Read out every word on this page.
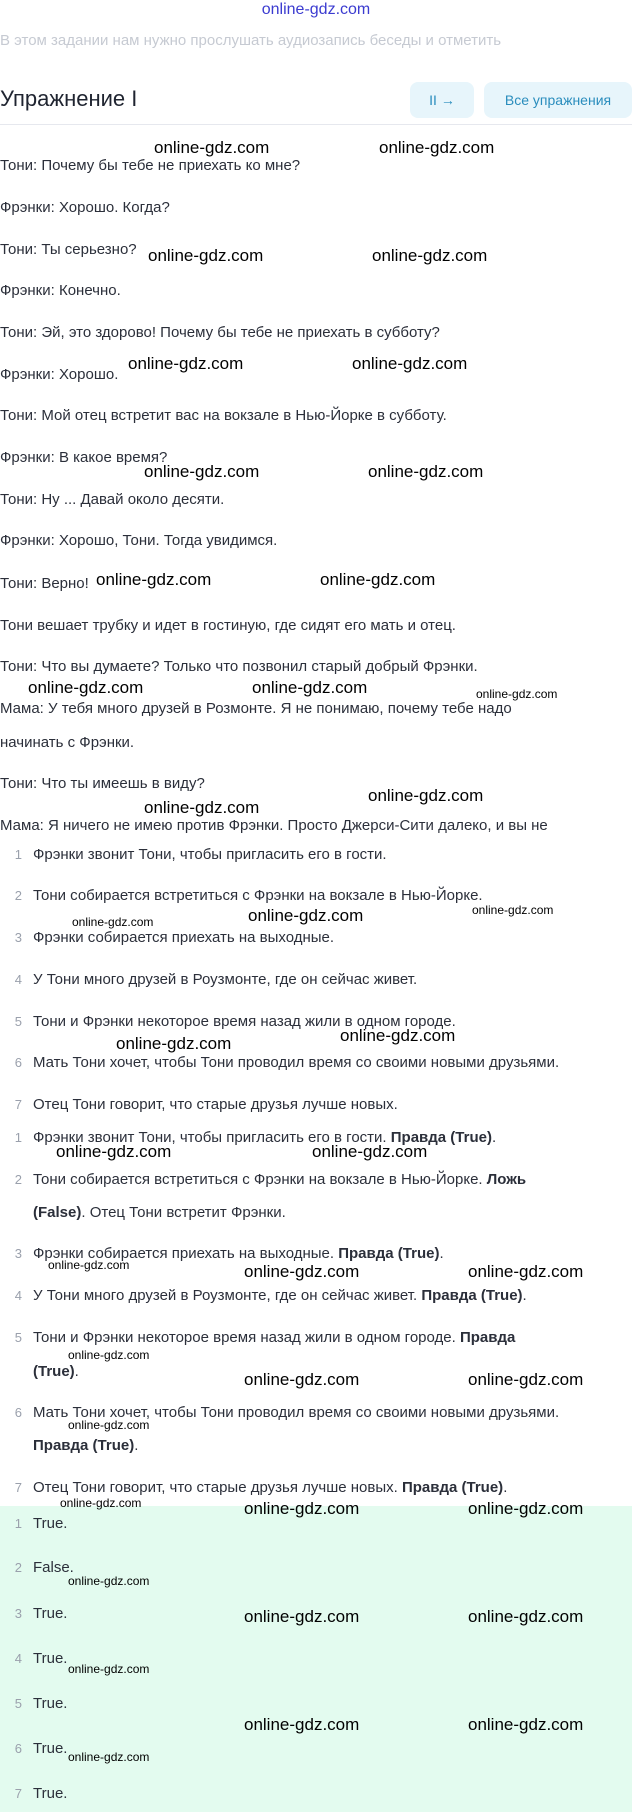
online-gdz.com
В этом задании нам нужно прослушать аудиозапись беседы и отметить
Упражнение I	II →	Все упражнения
Тони: Почему бы тебе не приехать ко мне?
Фрэнки: Хорошо. Когда?
Тони: Ты серьезно?
Фрэнки: Конечно.
Тони: Эй, это здорово! Почему бы тебе не приехать в субботу?
Фрэнки: Хорошо.
Тони: Мой отец встретит вас на вокзале в Нью-Йорке в субботу.
Фрэнки: В какое время?
Тони: Ну ... Давай около десяти.
Фрэнки: Хорошо, Тони. Тогда увидимся.
Тони: Верно!
Тони вешает трубку и идет в гостиную, где сидят его мать и отец.
Тони: Что вы думаете? Только что позвонил старый добрый Фрэнки.
Мама: У тебя много друзей в Розмонте. Я не понимаю, почему тебе надо
начинать с Фрэнки.
Тони: Что ты имеешь в виду?
Мама: Я ничего не имею против Фрэнки. Просто Джерси-Сити далеко, и вы не
1 Фрэнки звонит Тони, чтобы пригласить его в гости.
2 Тони собирается встретиться с Фрэнки на вокзале в Нью-Йорке.
3 Фрэнки собирается приехать на выходные.
4 У Тони много друзей в Роузмонте, где он сейчас живет.
5 Тони и Фрэнки некоторое время назад жили в одном городе.
6 Мать Тони хочет, чтобы Тони проводил время со своими новыми друзьями.
7 Отец Тони говорит, что старые друзья лучше новых.
1 Фрэнки звонит Тони, чтобы пригласить его в гости. Правда (True).
2 Тони собирается встретиться с Фрэнки на вокзале в Нью-Йорке. Ложь
(False). Отец Тони встретит Фрэнки.
3 Фрэнки собирается приехать на выходные. Правда (True).
4 У Тони много друзей в Роузмонте, где он сейчас живет. Правда (True).
5 Тони и Фрэнки некоторое время назад жили в одном городе. Правда
(True).
6 Мать Тони хочет, чтобы Тони проводил время со своими новыми друзьями.
Правда (True).
7 Отец Тони говорит, что старые друзья лучше новых. Правда (True).
1 True.
2 False.
3 True.
4 True.
5 True.
6 True.
7 True.
online-gdz.com	online-gdz.com
online-gdz.com	online-gdz.com
online-gdz.com	online-gdz.com
online-gdz.com	online-gdz.com
online-gdz.com	online-gdz.com
online-gdz.com	online-gdz.com	online-gdz.com
online-gdz.com
online-gdz.com
online-gdz.com	online-gdz.com
online-gdz.com
online-gdz.com	online-gdz.com
online-gdz.com	online-gdz.com
online-gdz.com	online-gdz.com	online-gdz.com
online-gdz.com
online-gdz.com	online-gdz.com
online-gdz.com
online-gdz.com	online-gdz.com	online-gdz.com
online-gdz.com
online-gdz.com	online-gdz.com
online-gdz.com
online-gdz.com	online-gdz.com
online-gdz.com
